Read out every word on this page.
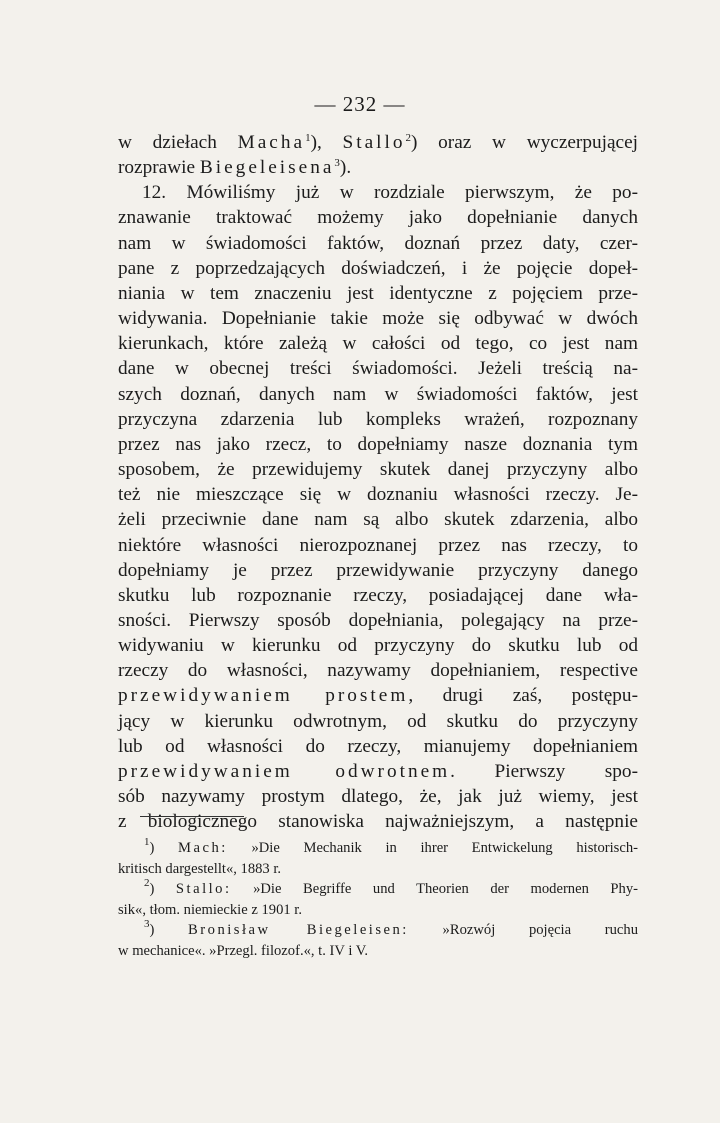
— 232 —
w dziełach Macha$^1$), Stallo$^2$) oraz w wyczerpującej
rozprawie Biegeleisena$^3$).
12. Mówiliśmy już w rozdziale pierwszym, że po-
znawanie traktować możemy jako dopełnianie danych
nam w świadomości faktów, doznań przez daty, czer-
pane z poprzedzających doświadczeń, i że pojęcie dopeł-
niania w tem znaczeniu jest identyczne z pojęciem prze-
widywania. Dopełnianie takie może się odbywać w dwóch
kierunkach, które zależą w całości od tego, co jest nam
dane w obecnej treści świadomości. Jeżeli treścią na-
szych doznań, danych nam w świadomości faktów, jest
przyczyna zdarzenia lub kompleks wrażeń, rozpoznany
przez nas jako rzecz, to dopełniamy nasze doznania tym
sposobem, że przewidujemy skutek danej przyczyny albo
też nie mieszczące się w doznaniu własności rzeczy. Je-
żeli przeciwnie dane nam są albo skutek zdarzenia, albo
niektóre własności nierozpoznanej przez nas rzeczy, to
dopełniamy je przez przewidywanie przyczyny danego
skutku lub rozpoznanie rzeczy, posiadającej dane wła-
sności. Pierwszy sposób dopełniania, polegający na prze-
widywaniu w kierunku od przyczyny do skutku lub od
rzeczy do własności, nazywamy dopełnianiem, respective
przewidywaniem prostem, drugi zaś, postępu-
jący w kierunku odwrotnym, od skutku do przyczyny
lub od własności do rzeczy, mianujemy dopełnianiem
przewidywaniem odwrotnem. Pierwszy spo-
sób nazywamy prostym dlatego, że, jak już wiemy, jest
z biologicznego stanowiska najważniejszym, a następnie
$^1$) Mach: »Die Mechanik in ihrer Entwickelung historisch-
kritisch dargestellt«, 1883 r.
$^2$) Stallo: »Die Begriffe und Theorien der modernen Phy-
sik«, tłom. niemieckie z 1901 r.
$^3$) Bronisław Biegeleisen: »Rozwój pojęcia ruchu
w mechanice«. »Przegl. filozof.«, t. IV i V.
